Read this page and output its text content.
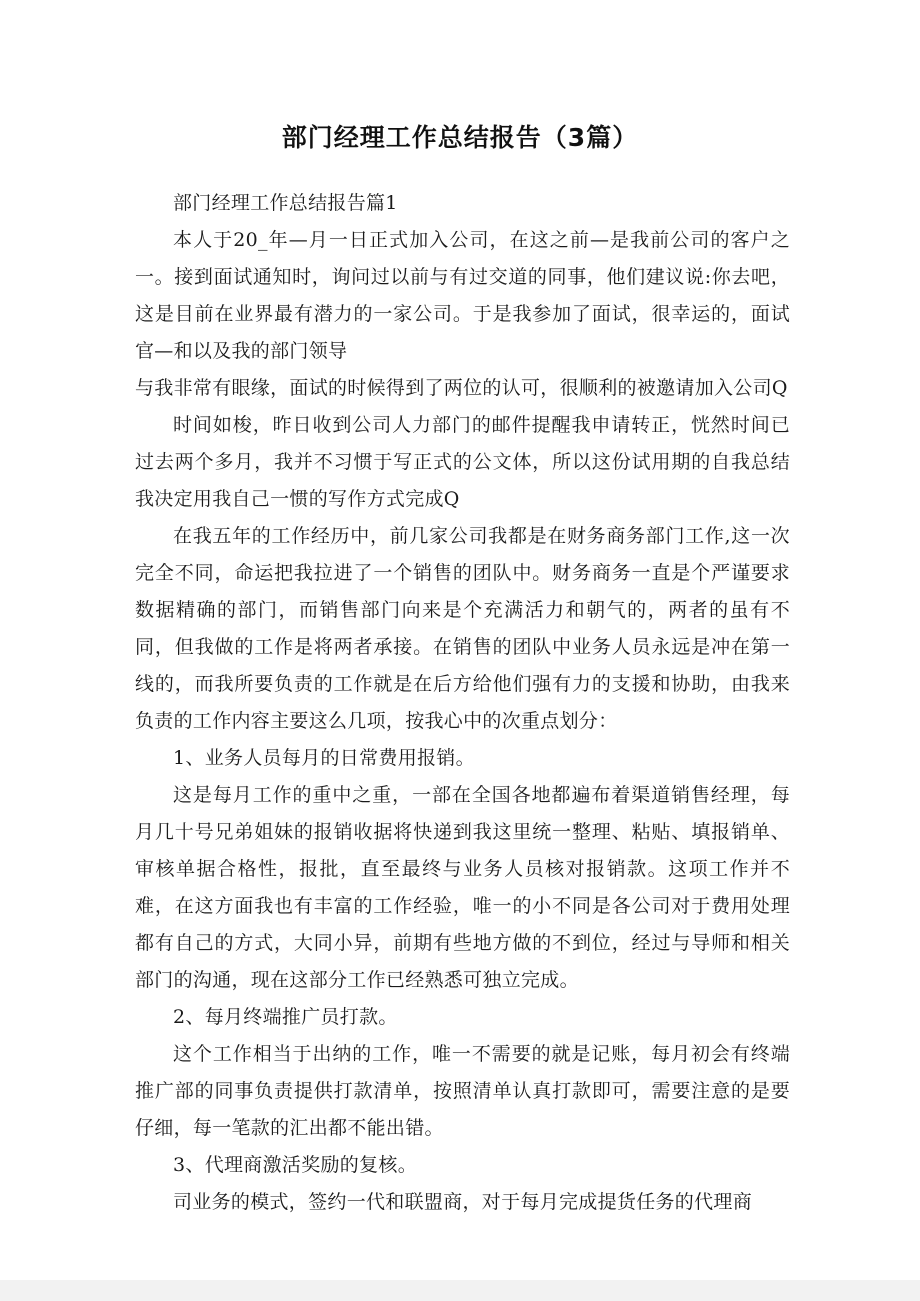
部门经理工作总结报告（3篇）

部门经理工作总结报告篇1

本人于20_年—月一日正式加入公司，在这之前—是我前公司的客户之一。接到面试通知时，询问过以前与有过交道的同事，他们建议说:你去吧，这是目前在业界最有潜力的一家公司。于是我参加了面试，很幸运的，面试官—和以及我的部门领导

与我非常有眼缘，面试的时候得到了两位的认可，很顺利的被邀请加入公司Q

时间如梭，昨日收到公司人力部门的邮件提醒我申请转正，恍然时间已过去两个多月，我并不习惯于写正式的公文体，所以这份试用期的自我总结我决定用我自己一惯的写作方式完成Q

在我五年的工作经历中，前几家公司我都是在财务商务部门工作,这一次完全不同，命运把我拉进了一个销售的团队中。财务商务一直是个严谨要求数据精确的部门，而销售部门向来是个充满活力和朝气的，两者的虽有不同，但我做的工作是将两者承接。在销售的团队中业务人员永远是冲在第一线的，而我所要负责的工作就是在后方给他们强有力的支援和协助，由我来负责的工作内容主要这么几项，按我心中的次重点划分：

1、业务人员每月的日常费用报销。

这是每月工作的重中之重，一部在全国各地都遍布着渠道销售经理，每月几十号兄弟姐妹的报销收据将快递到我这里统一整理、粘贴、填报销单、审核单据合格性，报批，直至最终与业务人员核对报销款。这项工作并不难，在这方面我也有丰富的工作经验，唯一的小不同是各公司对于费用处理都有自己的方式，大同小异，前期有些地方做的不到位，经过与导师和相关部门的沟通，现在这部分工作已经熟悉可独立完成。

2、每月终端推广员打款。

这个工作相当于出纳的工作，唯一不需要的就是记账，每月初会有终端推广部的同事负责提供打款清单，按照清单认真打款即可，需要注意的是要仔细，每一笔款的汇出都不能出错。

3、代理商激活奖励的复核。

司业务的模式，签约一代和联盟商，对于每月完成提货任务的代理商
